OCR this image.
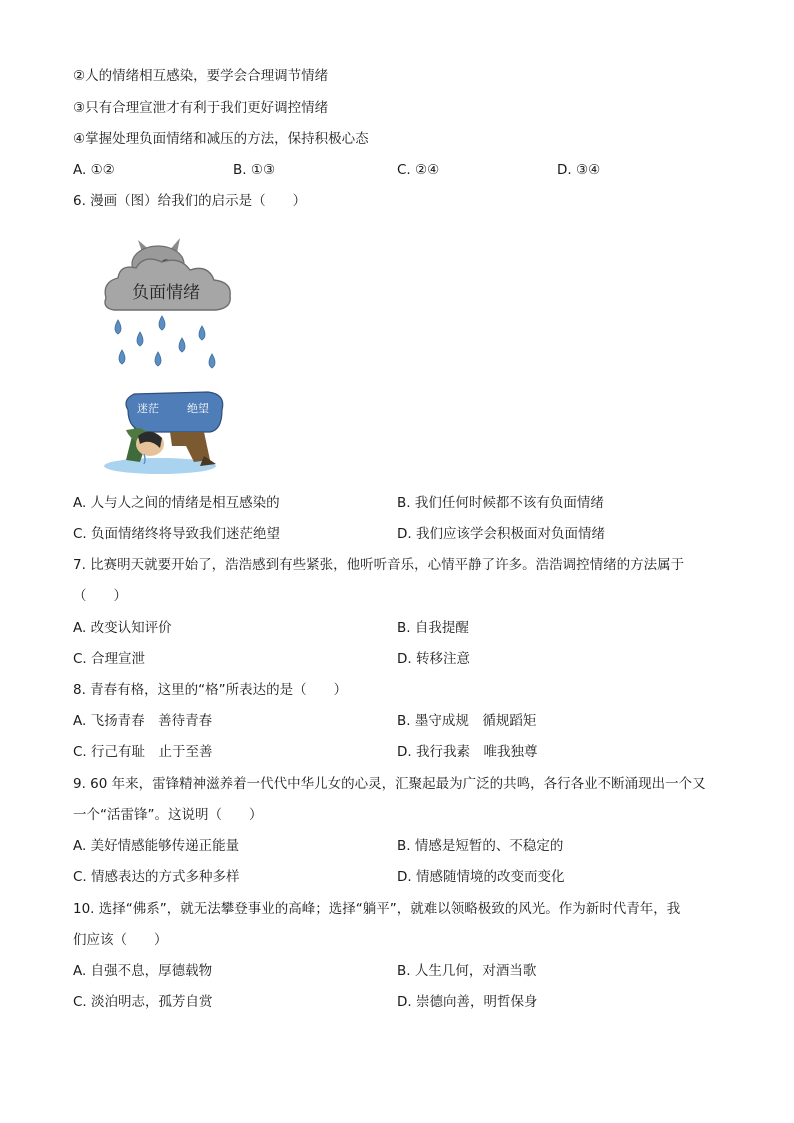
②人的情绪相互感染，要学会合理调节情绪
③只有合理宣泄才有利于我们更好调控情绪
④掌握处理负面情绪和减压的方法，保持积极心态
A. ①②	B. ①③	C. ②④	D. ③④
6. 漫画（图）给我们的启示是（　　）
负面情绪
迷茫	绝望
A. 人与人之间的情绪是相互感染的	B. 我们任何时候都不该有负面情绪
C. 负面情绪终将导致我们迷茫绝望	D. 我们应该学会积极面对负面情绪
7. 比赛明天就要开始了，浩浩感到有些紧张，他听听音乐，心情平静了许多。浩浩调控情绪的方法属于
（　　）
A. 改变认知评价	B. 自我提醒
C. 合理宣泄	D. 转移注意
8. 青春有格，这里的“格”所表达的是（　　）
A. 飞扬青春　善待青春	B. 墨守成规　循规蹈矩
C. 行己有耻　止于至善	D. 我行我素　唯我独尊
9. 60 年来，雷锋精神滋养着一代代中华儿女的心灵，汇聚起最为广泛的共鸣，各行各业不断涌现出一个又
一个“活雷锋”。这说明（　　）
A. 美好情感能够传递正能量	B. 情感是短暂的、不稳定的
C. 情感表达的方式多种多样	D. 情感随情境的改变而变化
10. 选择“佛系”，就无法攀登事业的高峰；选择“躺平”，就难以领略极致的风光。作为新时代青年，我
们应该（　　）
A. 自强不息，厚德载物	B. 人生几何，对酒当歌
C. 淡泊明志，孤芳自赏	D. 崇德向善，明哲保身
